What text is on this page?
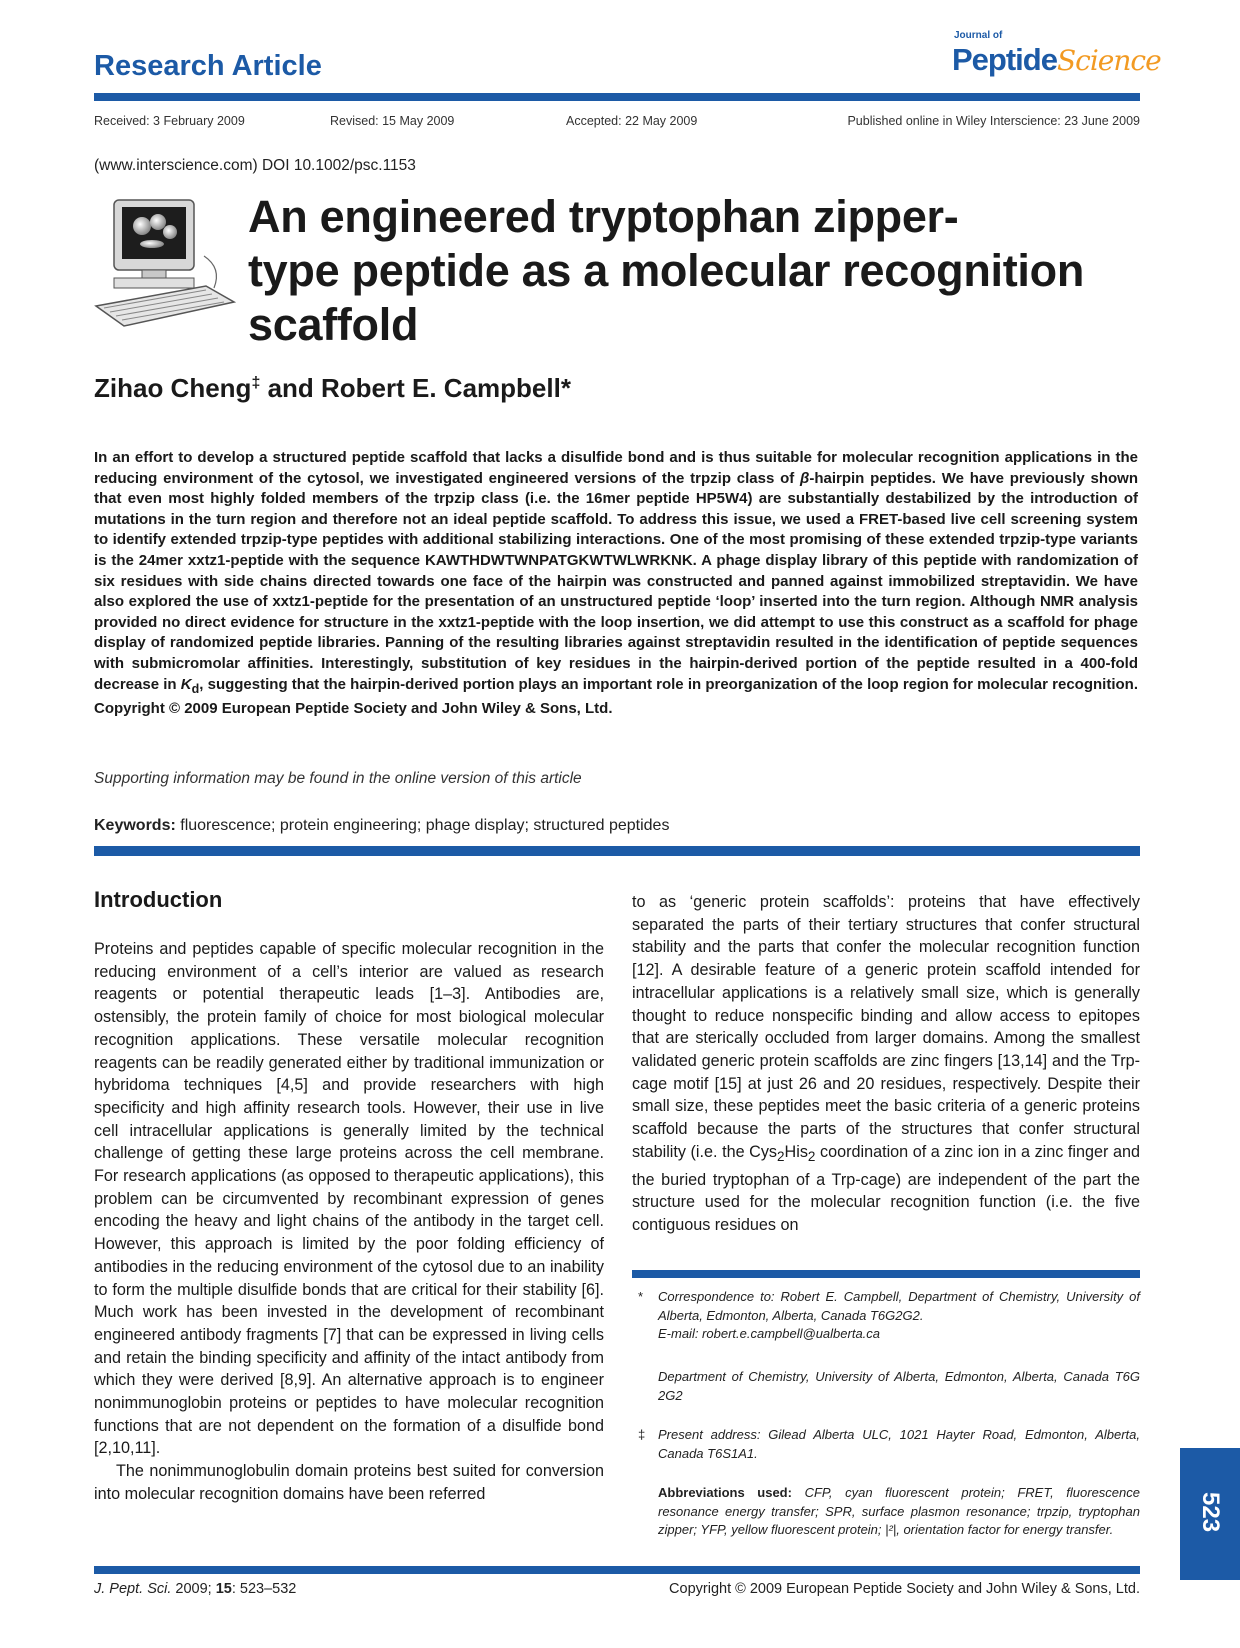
Research Article
Journal of
PeptideScience
Received: 3 February 2009	Revised: 15 May 2009	Accepted: 22 May 2009	Published online in Wiley Interscience: 23 June 2009
(www.interscience.com) DOI 10.1002/psc.1153
An engineered tryptophan zipper-
type peptide as a molecular recognition
scaffold
Zihao Cheng‡ and Robert E. Campbell*
In an effort to develop a structured peptide scaffold that lacks a disulfide bond and is thus suitable for molecular recognition applications in the reducing environment of the cytosol, we investigated engineered versions of the trpzip class of β-hairpin peptides. We have previously shown that even most highly folded members of the trpzip class (i.e. the 16mer peptide HP5W4) are substantially destabilized by the introduction of mutations in the turn region and therefore not an ideal peptide scaffold. To address this issue, we used a FRET-based live cell screening system to identify extended trpzip-type peptides with additional stabilizing interactions. One of the most promising of these extended trpzip-type variants is the 24mer xxtz1-peptide with the sequence KAWTHDWTWNPATGKWTWLWRKNK. A phage display library of this peptide with randomization of six residues with side chains directed towards one face of the hairpin was constructed and panned against immobilized streptavidin. We have also explored the use of xxtz1-peptide for the presentation of an unstructured peptide ‘loop’ inserted into the turn region. Although NMR analysis provided no direct evidence for structure in the xxtz1-peptide with the loop insertion, we did attempt to use this construct as a scaffold for phage display of randomized peptide libraries. Panning of the resulting libraries against streptavidin resulted in the identification of peptide sequences with submicromolar affinities. Interestingly, substitution of key residues in the hairpin-derived portion of the peptide resulted in a 400-fold decrease in $K_d$, suggesting that the hairpin-derived portion plays an important role in preorganization of the loop region for molecular recognition. Copyright © 2009 European Peptide Society and John Wiley & Sons, Ltd.
Supporting information may be found in the online version of this article
Keywords: fluorescence; protein engineering; phage display; structured peptides
Introduction

Proteins and peptides capable of specific molecular recognition in the reducing environment of a cell’s interior are valued as research reagents or potential therapeutic leads [1–3]. Antibodies are, ostensibly, the protein family of choice for most biological molecular recognition applications. These versatile molecular recognition reagents can be readily generated either by traditional immunization or hybridoma techniques [4,5] and provide researchers with high specificity and high affinity research tools. However, their use in live cell intracellular applications is generally limited by the technical challenge of getting these large proteins across the cell membrane. For research applications (as opposed to therapeutic applications), this problem can be circumvented by recombinant expression of genes encoding the heavy and light chains of the antibody in the target cell. However, this approach is limited by the poor folding efficiency of antibodies in the reducing environment of the cytosol due to an inability to form the multiple disulfide bonds that are critical for their stability [6]. Much work has been invested in the development of recombinant engineered antibody fragments [7] that can be expressed in living cells and retain the binding specificity and affinity of the intact antibody from which they were derived [8,9]. An alternative approach is to engineer nonimmunoglobin proteins or peptides to have molecular recognition functions that are not dependent on the formation of a disulfide bond [2,10,11].

The nonimmunoglobulin domain proteins best suited for conversion into molecular recognition domains have been referred

to as ‘generic protein scaffolds’: proteins that have effectively separated the parts of their tertiary structures that confer structural stability and the parts that confer the molecular recognition function [12]. A desirable feature of a generic protein scaffold intended for intracellular applications is a relatively small size, which is generally thought to reduce nonspecific binding and allow access to epitopes that are sterically occluded from larger domains. Among the smallest validated generic protein scaffolds are zinc fingers [13,14] and the Trp-cage motif [15] at just 26 and 20 residues, respectively. Despite their small size, these peptides meet the basic criteria of a generic proteins scaffold because the parts of the structures that confer structural stability (i.e. the Cys$_2$His$_2$ coordination of a zinc ion in a zinc finger and the buried tryptophan of a Trp-cage) are independent of the part the structure used for the molecular recognition function (i.e. the five contiguous residues on

* Correspondence to: Robert E. Campbell, Department of Chemistry, University of Alberta, Edmonton, Alberta, Canada T6G2G2.
E-mail: robert.e.campbell@ualberta.ca
Department of Chemistry, University of Alberta, Edmonton, Alberta, Canada T6G 2G2
‡ Present address: Gilead Alberta ULC, 1021 Hayter Road, Edmonton, Alberta, Canada T6S1A1.
Abbreviations used: CFP, cyan fluorescent protein; FRET, fluorescence resonance energy transfer; SPR, surface plasmon resonance; trpzip, tryptophan zipper; YFP, yellow fluorescent protein; |²|, orientation factor for energy transfer.	523
J. Pept. Sci. 2009; 15: 523–532	Copyright © 2009 European Peptide Society and John Wiley & Sons, Ltd.
